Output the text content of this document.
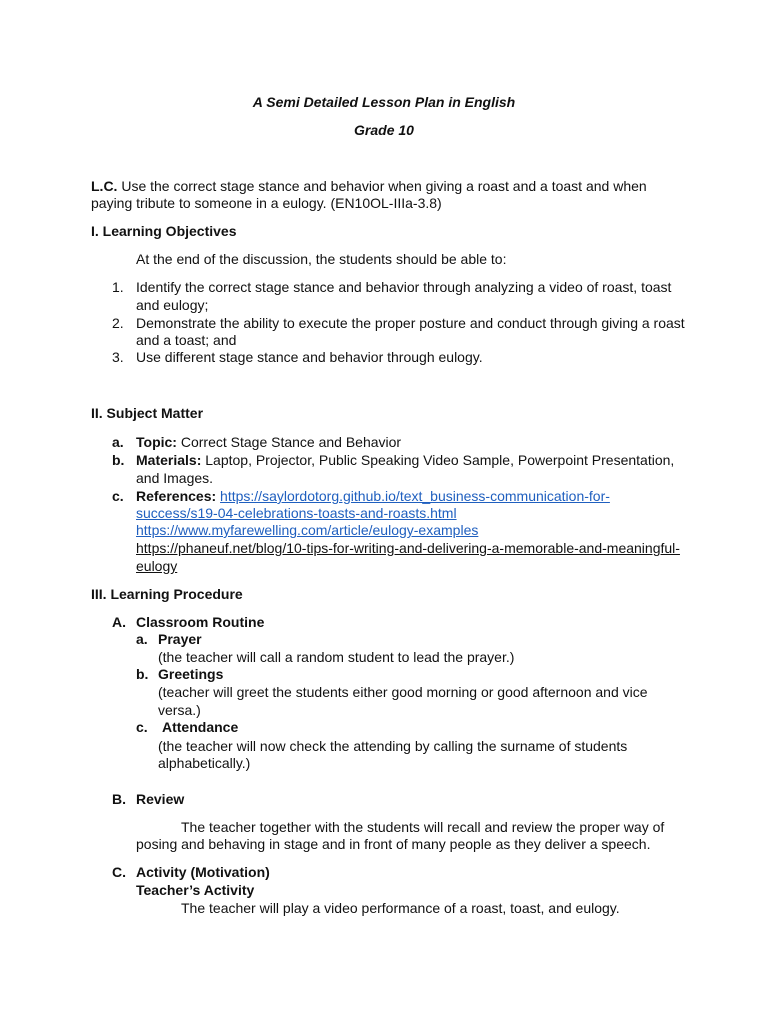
A Semi Detailed Lesson Plan in English
Grade 10
L.C. Use the correct stage stance and behavior when giving a roast and a toast and when
paying tribute to someone in a eulogy. (EN10OL-IIIa-3.8)
I. Learning Objectives
At the end of the discussion, the students should be able to:
1. Identify the correct stage stance and behavior through analyzing a video of roast, toast
and eulogy;
2. Demonstrate the ability to execute the proper posture and conduct through giving a roast
and a toast; and
3. Use different stage stance and behavior through eulogy.
II. Subject Matter
a. Topic: Correct Stage Stance and Behavior
b. Materials: Laptop, Projector, Public Speaking Video Sample, Powerpoint Presentation,
and Images.
c. References: https://saylordotorg.github.io/text_business-communication-for-
success/s19-04-celebrations-toasts-and-roasts.html
https://www.myfarewelling.com/article/eulogy-examples
https://phaneuf.net/blog/10-tips-for-writing-and-delivering-a-memorable-and-meaningful-
eulogy
III. Learning Procedure
A. Classroom Routine
a. Prayer
(the teacher will call a random student to lead the prayer.)
b. Greetings
(teacher will greet the students either good morning or good afternoon and vice
versa.)
c. Attendance
(the teacher will now check the attending by calling the surname of students
alphabetically.)
B. Review
The teacher together with the students will recall and review the proper way of
posing and behaving in stage and in front of many people as they deliver a speech.
C. Activity (Motivation)
Teacher’s Activity
The teacher will play a video performance of a roast, toast, and eulogy.
